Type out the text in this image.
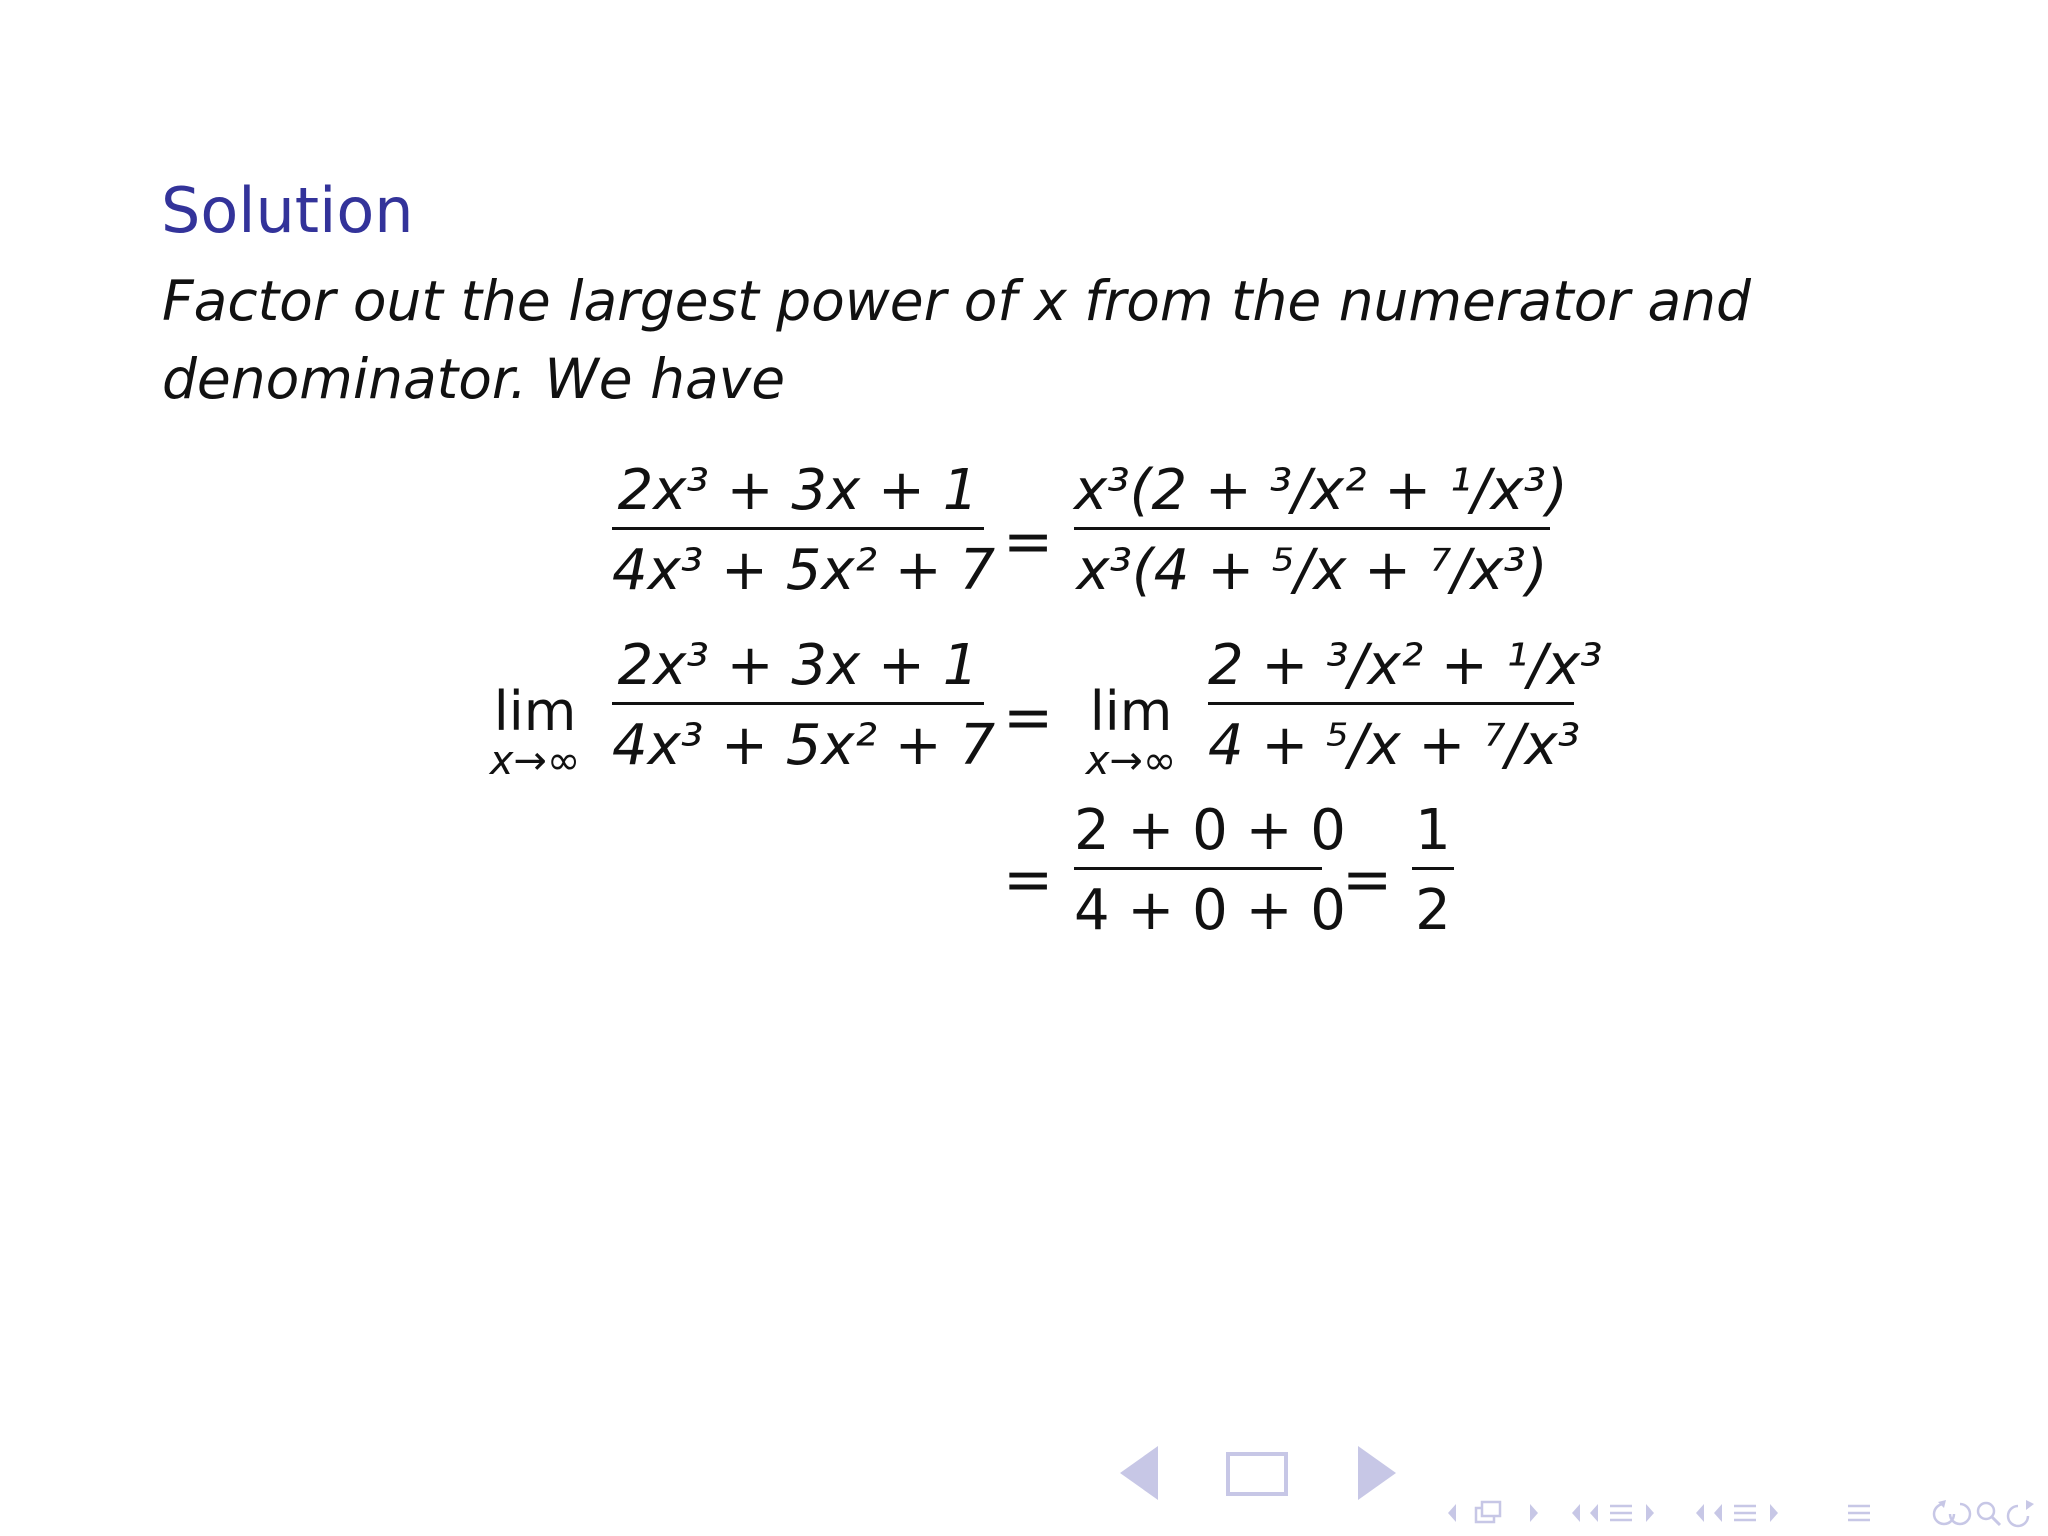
Solution
Factor out the largest power of x from the numerator and
denominator. We have
2x³ + 3x + 1
4x³ + 5x² + 7 =
x³(2 + ³/x² + ¹/x³)
x³(4 + ⁵/x + ⁷/x³)
lim
x→∞
2x³ + 3x + 1
4x³ + 5x² + 7 = lim
x→∞
2 + ³/x² + ¹/x³
4 + ⁵/x + ⁷/x³
=
2 + 0 + 0
4 + 0 + 0
=
1
2
